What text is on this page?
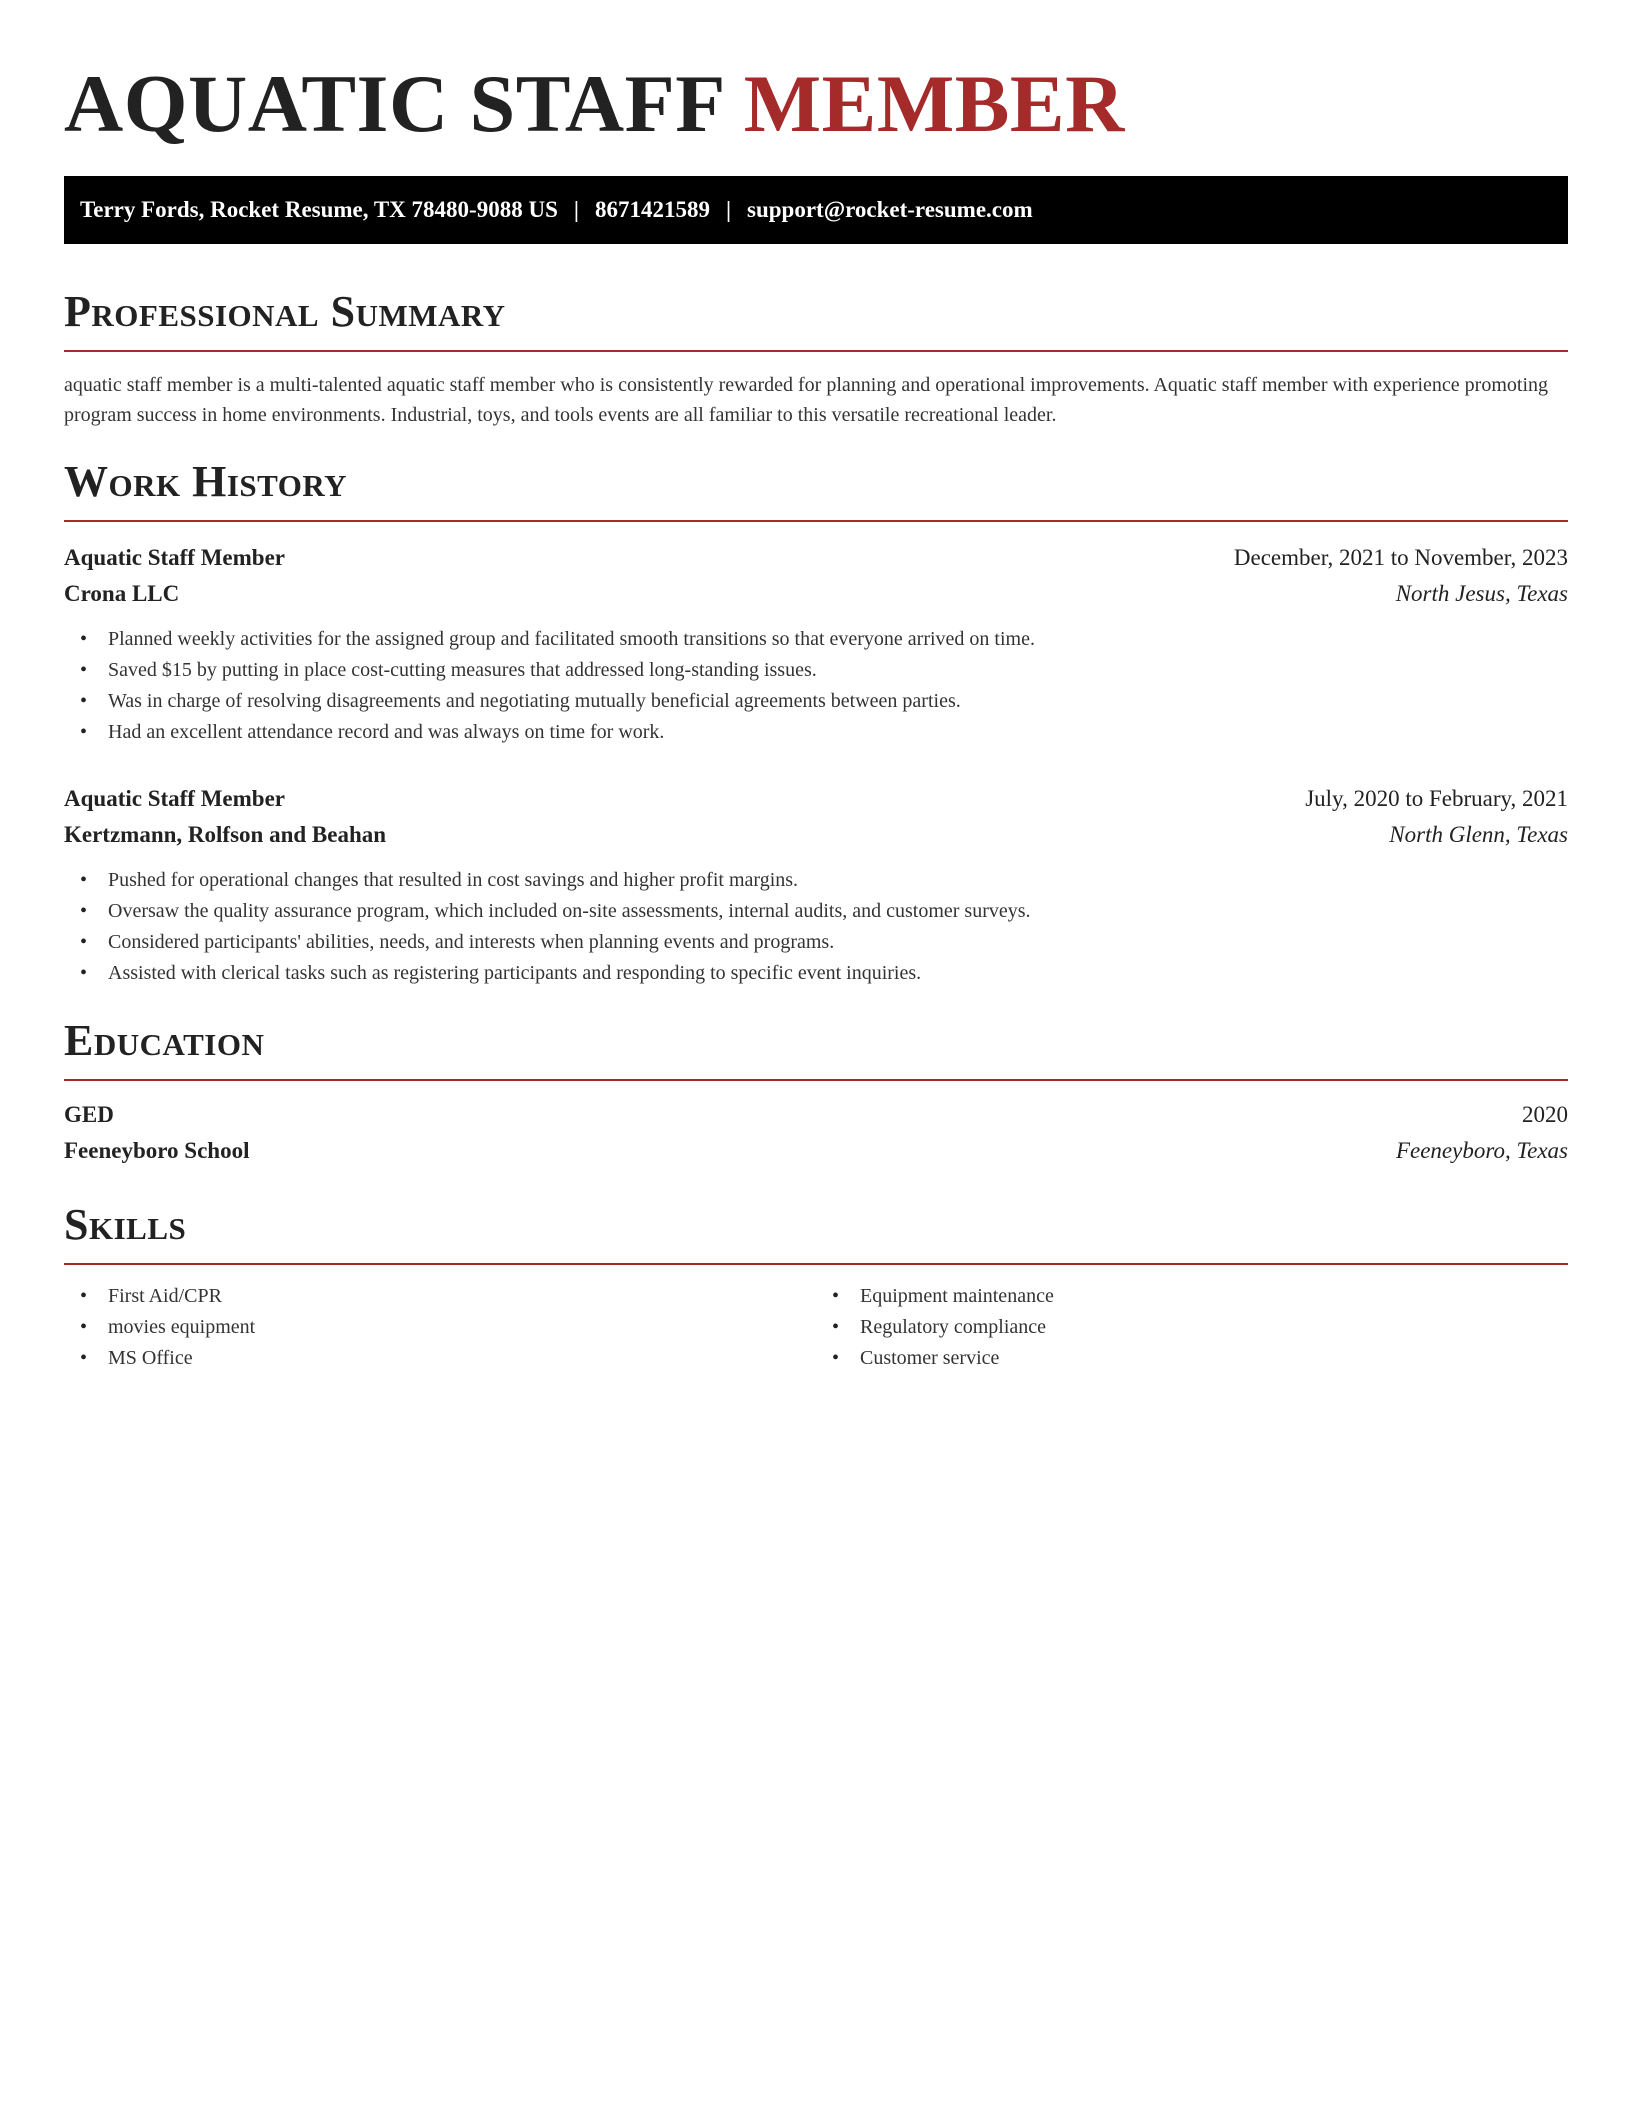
AQUATIC STAFF MEMBER
Terry Fords, Rocket Resume, TX 78480-9088 US | 8671421589 | support@rocket-resume.com
Professional Summary

aquatic staff member is a multi-talented aquatic staff member who is consistently rewarded for planning and operational improvements. Aquatic staff member with experience promoting program success in home environments. Industrial, toys, and tools events are all familiar to this versatile recreational leader.

Work History
Aquatic Staff Member	December, 2021 to November, 2023
Crona LLC	North Jesus, Texas
• Planned weekly activities for the assigned group and facilitated smooth transitions so that everyone arrived on time.
• Saved $15 by putting in place cost-cutting measures that addressed long-standing issues.
• Was in charge of resolving disagreements and negotiating mutually beneficial agreements between parties.
• Had an excellent attendance record and was always on time for work.
Aquatic Staff Member	July, 2020 to February, 2021
Kertzmann, Rolfson and Beahan	North Glenn, Texas
• Pushed for operational changes that resulted in cost savings and higher profit margins.
• Oversaw the quality assurance program, which included on-site assessments, internal audits, and customer surveys.
• Considered participants' abilities, needs, and interests when planning events and programs.
• Assisted with clerical tasks such as registering participants and responding to specific event inquiries.
Education
GED	2020
Feeneyboro School	Feeneyboro, Texas
Skills
• First Aid/CPR
• movies equipment
• MS Office
• Equipment maintenance
• Regulatory compliance
• Customer service
